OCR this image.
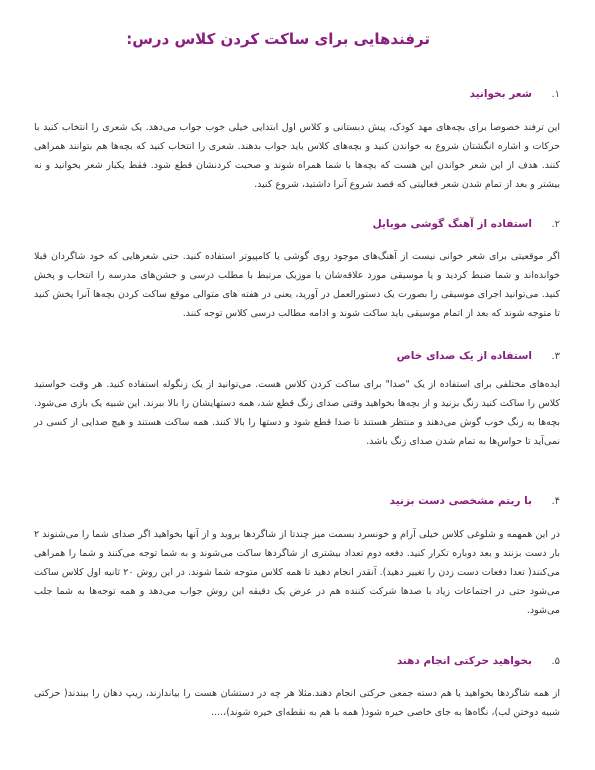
ترفندهایی برای ساکت کردن کلاس درس:
۱.
شعر بخوانید

این ترفند خصوصا برای بچه‌های مهد کودک، پیش دبستانی و کلاس اول ابتدایی خیلی خوب جواب می‌دهد. یک شعری را انتخاب کنید با حرکات و اشاره انگشتان شروع به خواندن کنید و بچه‌های کلاس باید جواب بدهند. شعری را انتخاب کنید که بچه‌ها هم بتوانند همراهی کنند. هدف از این شعر خواندن این هست که بچه‌ها با شما همراه شوند و صحبت کردنشان قطع شود. فقط یکبار شعر بخوانید و نه بیشتر و بعد از تمام شدن شعر فعالیتی که قصد شروع آنرا داشتید، شروع کنید.

۲.
استفاده از آهنگ گوشی موبایل

اگر موقعیتی برای شعر خوانی نیست از آهنگ‌های موجود روی گوشی یا کامپیوتر استفاده کنید. حتی شعرهایی که خود شاگردان قبلا خوانده‌اند و شما ضبط کردید و یا موسیقی مورد علاقه‌شان یا موزیک مرتبط با مطلب درسی و جشن‌های مدرسه را انتخاب و پخش کنید. می‌توانید اجرای موسیقی را بصورت یک دستورالعمل در آورید، یعنی در هفته های متوالی موقع ساکت کردن بچه‌ها آنرا پخش کنید تا متوجه شوند که بعد از اتمام موسیقی باید ساکت شوند و ادامه مطالب درسی کلاس توجه کنند.

۳.
استفاده از یک صدای خاص

ایده‌های مختلفی برای استفاده از یک "صدا" برای ساکت کردن کلاس هست. می‌توانید از یک زنگوله استفاده کنید. هر وقت خواستید کلاس را ساکت کنید زنگ بزنید و از بچه‌ها بخواهید وقتی صدای زنگ قطع شد، همه دستهایشان را بالا ببرند. این شبیه یک بازی می‌شود. بچه‌ها به زنگ خوب گوش می‌دهند و منتظر هستند تا صدا قطع شود و دستها را بالا کنند. همه ساکت هستند و هیچ صدایی از کسی در نمی‌آید تا حواس‌ها به تمام شدن صدای زنگ باشد.

۴.
با ریتم مشخصی دست بزنید

در این همهمه و شلوغی کلاس خیلی آرام و خونسرد بسمت میز چندتا از شاگردها بروید و از آنها بخواهید اگر صدای شما را می‌شنوند ۲ بار دست بزنند و بعد دوباره تکرار کنید. دفعه دوم تعداد بیشتری از شاگردها ساکت می‌شوند و به شما توجه می‌کنند و شما را همراهی می‌کنند( تعدا دفعات دست زدن را تغییر دهید). آنقدر انجام دهید تا همه کلاس متوجه شما شوند. در این روش ۲۰ ثانیه اول کلاس ساکت می‌شود حتی در اجتماعات زیاد با صدها شرکت کننده هم در عرض یک دقیقه این روش جواب می‌دهد و همه توجه‌ها به شما جلب می‌شود.

۵.
بخواهید حرکتی انجام دهند

از همه شاگردها بخواهید یا هم دسته جمعی حرکتی انجام دهند.مثلا هر چه در دستشان هست را بیاندازند، زیپ دهان را ببندند( حرکتی شبیه دوختن لب)، نگاه‌ها به جای خاصی خیره شود( همه با هم به نقطه‌ای خیره شوند)،....
